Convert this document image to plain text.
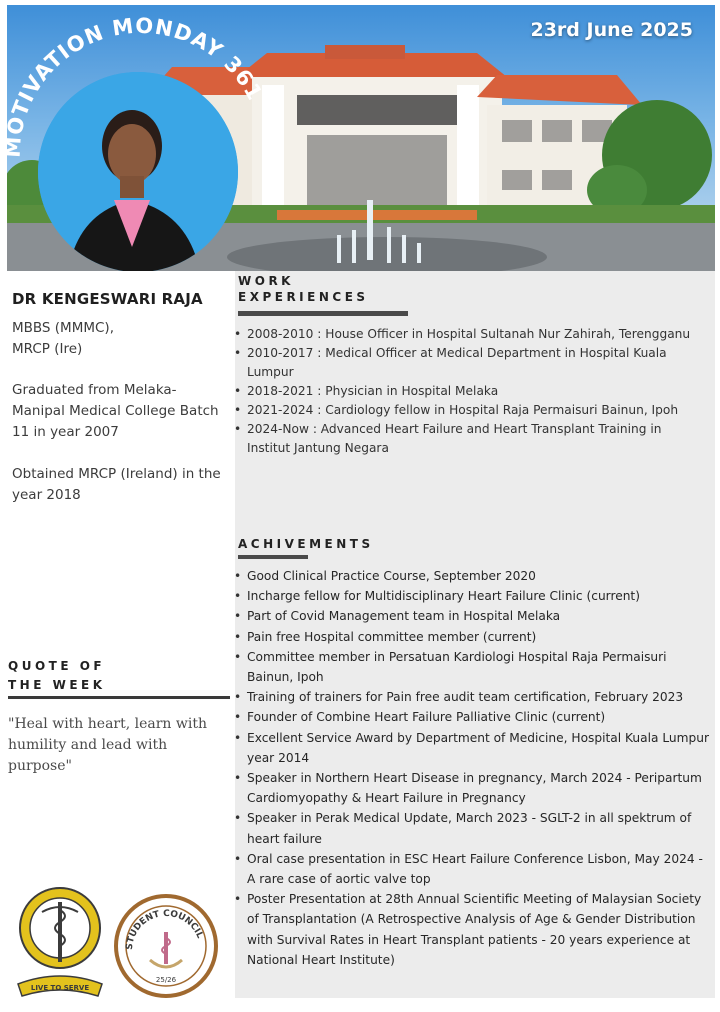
23rd June 2025
MOTIVATION MONDAY 361
DR KENGESWARI RAJA
MBBS (MMMC),
MRCP (Ire)
Graduated from Melaka-Manipal Medical College Batch 11 in year 2007
Obtained MRCP (Ireland) in the year 2018
QUOTE OF
THE WEEK
"Heal with heart, learn with humility and lead with purpose"
WORK
EXPERIENCES
• 2008-2010 : House Officer in Hospital Sultanah Nur Zahirah, Terengganu
• 2010-2017 : Medical Officer at Medical Department in Hospital Kuala Lumpur
• 2018-2021 : Physician in Hospital Melaka
• 2021-2024 : Cardiology fellow in Hospital Raja Permaisuri Bainun, Ipoh
• 2024-Now : Advanced Heart Failure and Heart Transplant Training in Institut Jantung Negara
ACHIVEMENTS
• Good Clinical Practice Course, September 2020
• Incharge fellow for Multidisciplinary Heart Failure Clinic (current)
• Part of Covid Management team in Hospital Melaka
• Pain free Hospital committee member (current)
• Committee member in Persatuan Kardiologi Hospital Raja Permaisuri Bainun, Ipoh
• Training of trainers for Pain free audit team certification, February 2023
• Founder of Combine Heart Failure Palliative Clinic (current)
• Excellent Service Award by Department of Medicine, Hospital Kuala Lumpur year 2014
• Speaker in Northern Heart Disease in pregnancy, March 2024 - Peripartum Cardiomyopathy & Heart Failure in Pregnancy
• Speaker in Perak Medical Update, March 2023 - SGLT-2 in all spektrum of heart failure
• Oral case presentation in ESC Heart Failure Conference Lisbon, May 2024 - A rare case of aortic valve top
• Poster Presentation at 28th Annual Scientific Meeting of Malaysian Society of Transplantation (A Retrospective Analysis of Age & Gender Distribution with Survival Rates in Heart Transplant patients - 20 years experience at National Heart Institute)
LIVE TO SERVE
STUDENT COUNCIL
25/26
